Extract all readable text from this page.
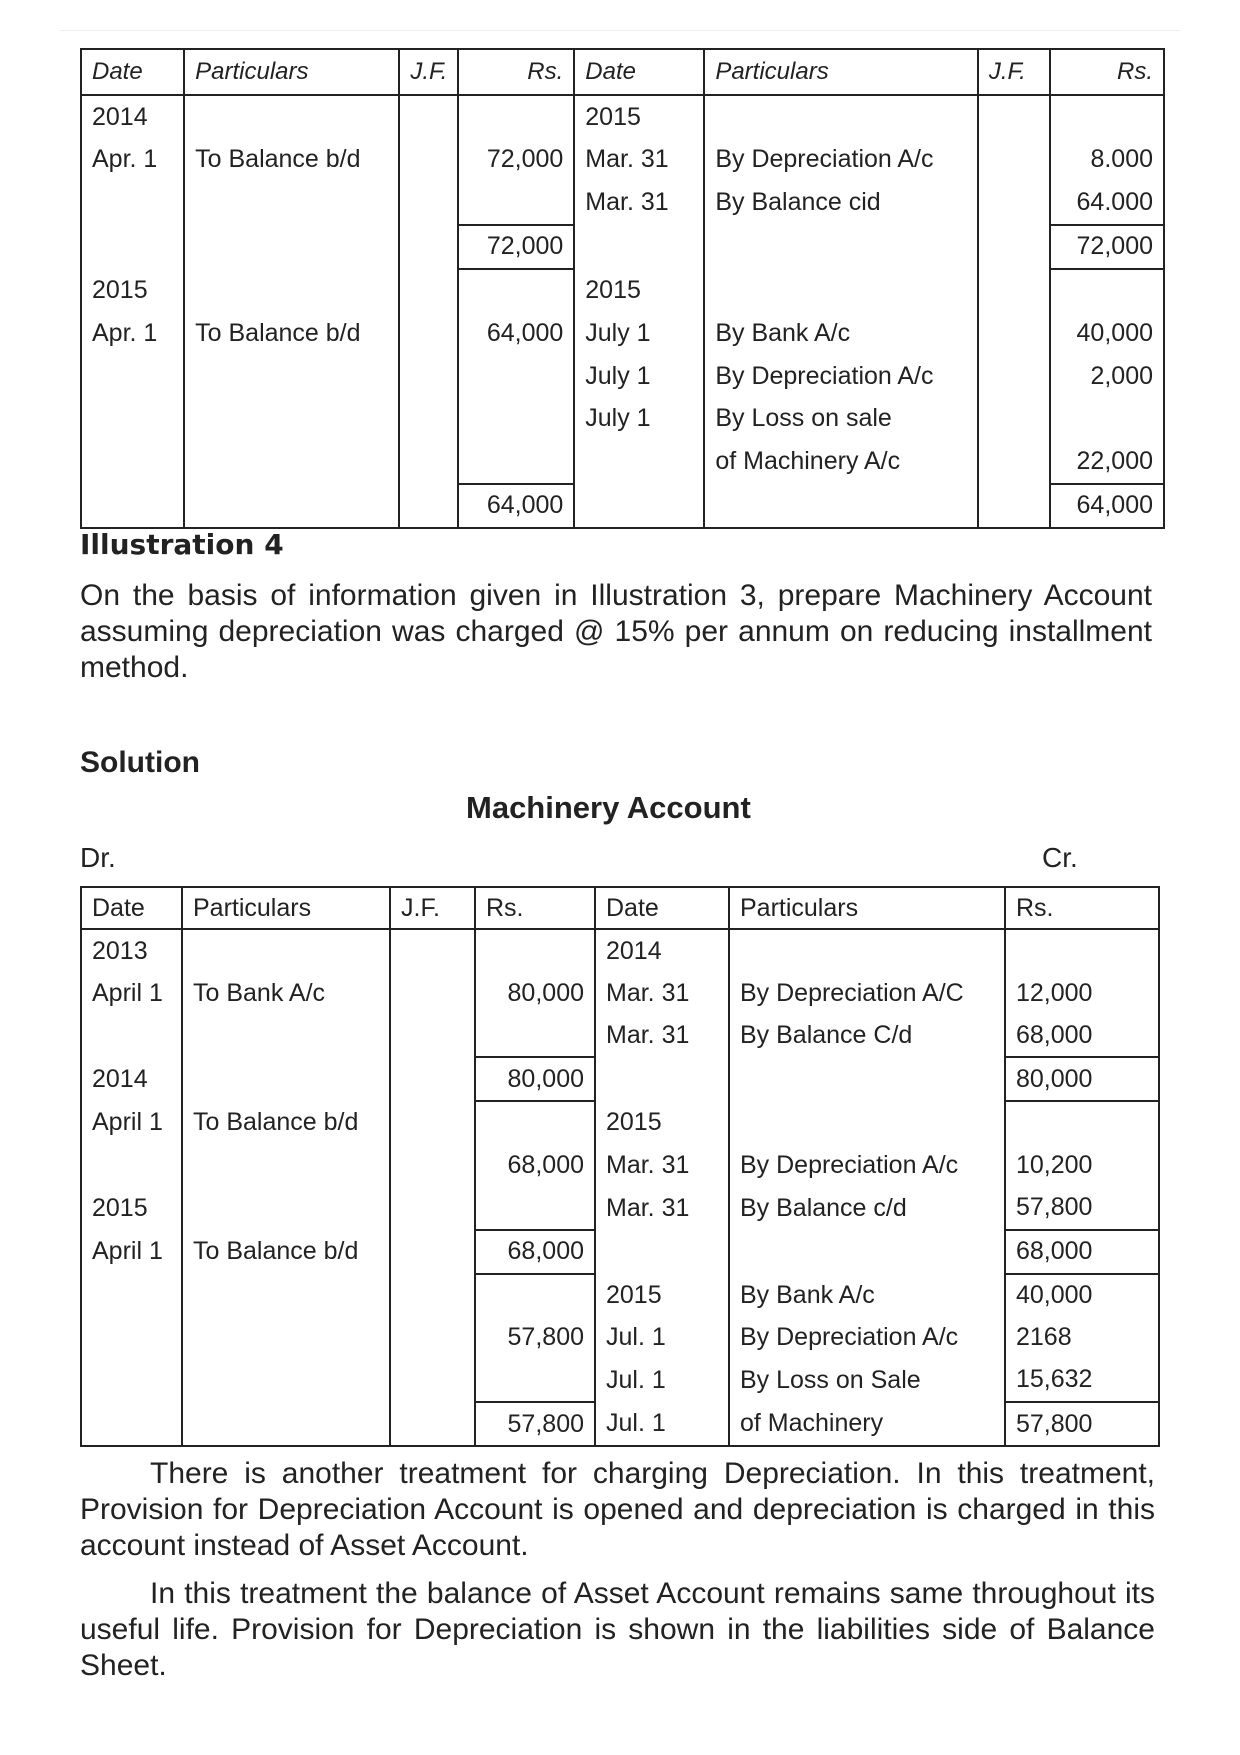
Date	Particulars	J.F.	Rs.	Date	Particulars	J.F.	Rs.
2014				2015			
Apr. 1	To Balance b/d		72,000	Mar. 31	By Depreciation A/c		8.000
				Mar. 31	By Balance cid		64.000
			72,000				72,000
2015				2015			
Apr. 1	To Balance b/d		64,000	July 1	By Bank A/c		40,000
				July 1	By Depreciation A/c		2,000
				July 1	By Loss on sale		
					of Machinery A/c		22,000
			64,000				64,000

Illustration 4

On the basis of information given in Illustration 3, prepare Machinery Account assuming depreciation was charged @ 15% per annum on reducing installment method.

Solution

Machinery Account

Dr.	Cr.

Date	Particulars	J.F.	Rs.	Date	Particulars	Rs.
2013				2014		
April 1	To Bank A/c		80,000	Mar. 31	By Depreciation A/C	12,000
				Mar. 31	By Balance C/d	68,000
2014			80,000			80,000
April 1	To Balance b/d			2015		
			68,000	Mar. 31	By Depreciation A/c	10,200
2015				Mar. 31	By Balance c/d	57,800
April 1	To Balance b/d		68,000			68,000
				2015	By Bank A/c	40,000
			57,800	Jul. 1	By Depreciation A/c	2168
				Jul. 1	By Loss on Sale	15,632
			57,800	Jul. 1	of Machinery	57,800

There is another treatment for charging Depreciation. In this treatment, Provision for Depreciation Account is opened and depreciation is charged in this account instead of Asset Account.

In this treatment the balance of Asset Account remains same throughout its useful life. Provision for Depreciation is shown in the liabilities side of Balance Sheet.
